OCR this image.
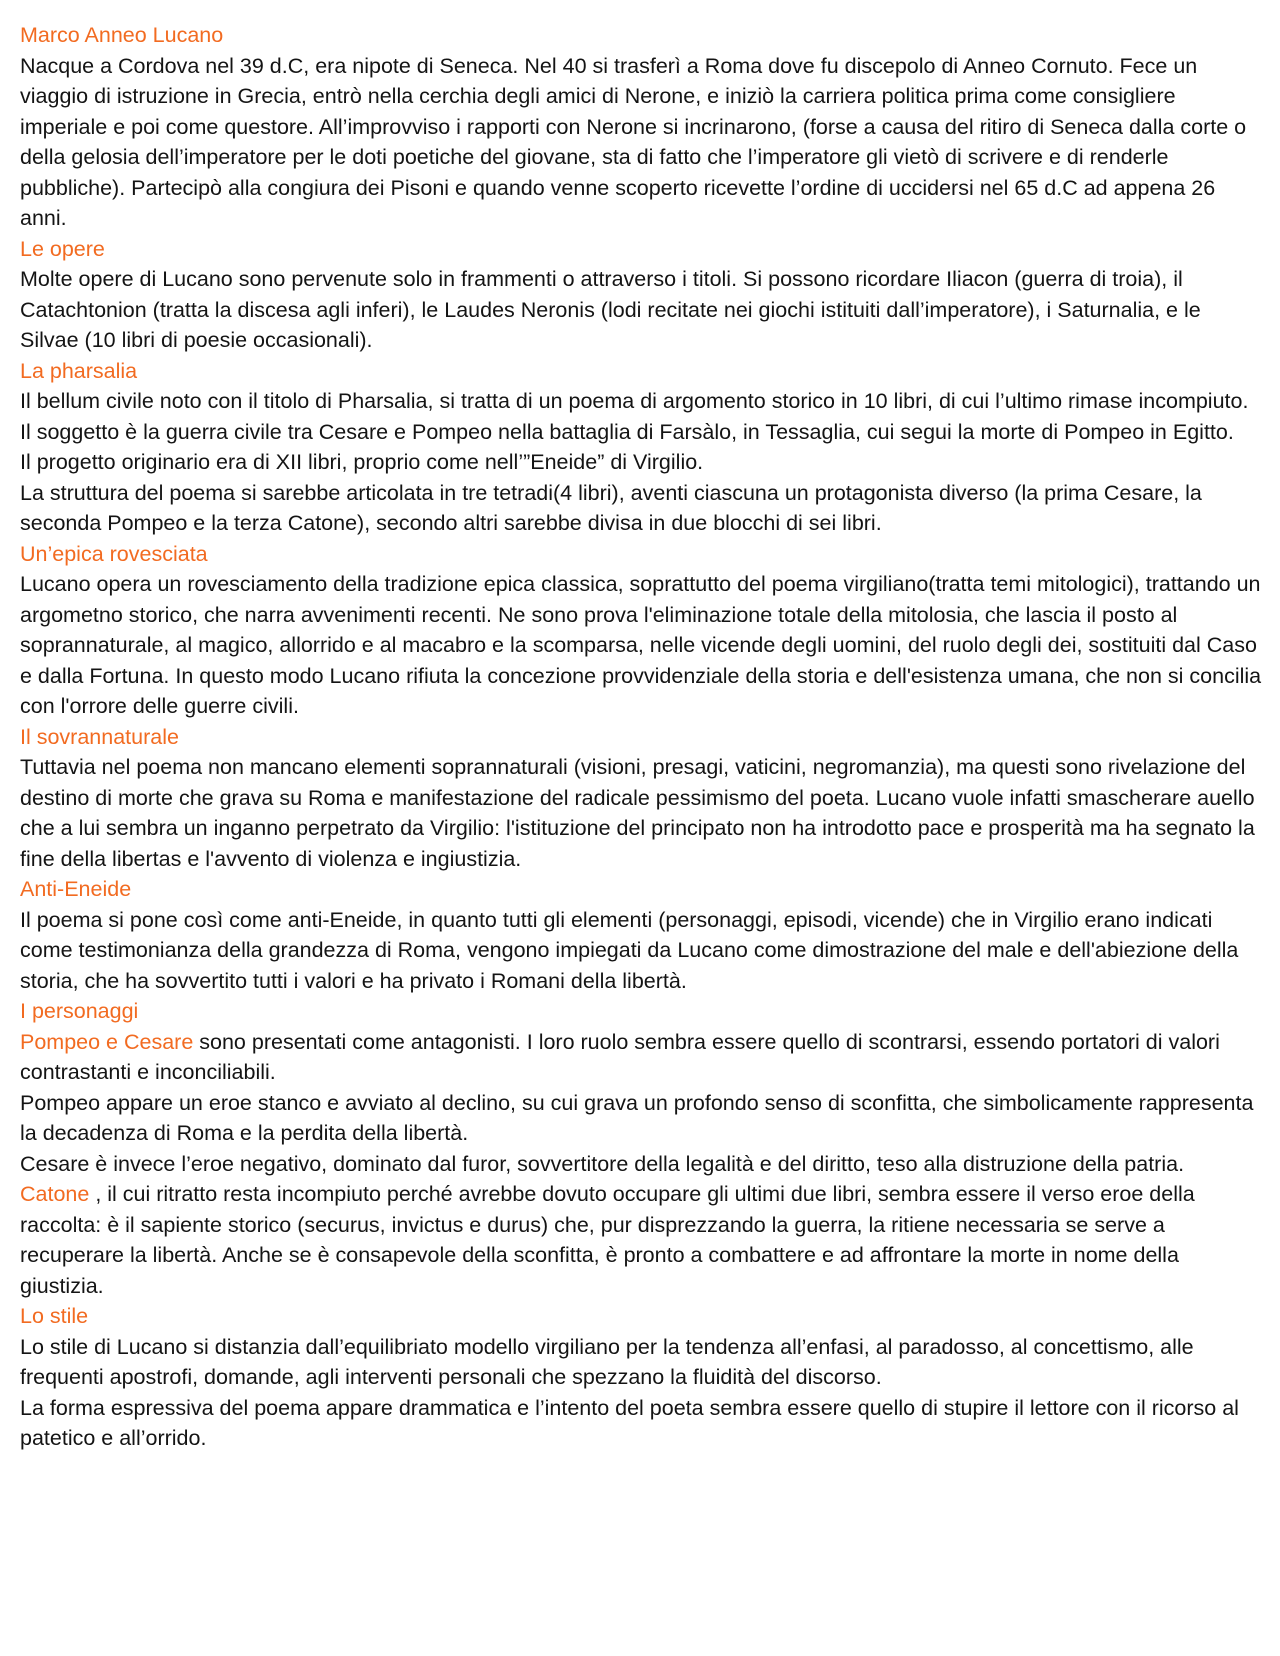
Marco Anneo Lucano

Nacque a Cordova nel 39 d.C, era nipote di Seneca. Nel 40 si trasferì a Roma dove fu discepolo di Anneo Cornuto. Fece un viaggio di istruzione in Grecia, entrò nella cerchia degli amici di Nerone, e iniziò la carriera politica prima come consigliere imperiale e poi come questore. All’improvviso i rapporti con Nerone si incrinarono, (forse a causa del ritiro di Seneca dalla corte o della gelosia dell’imperatore per le doti poetiche del giovane, sta di fatto che l’imperatore gli vietò di scrivere e di renderle pubbliche). Partecipò alla congiura dei Pisoni e quando venne scoperto ricevette l’ordine di uccidersi nel 65 d.C ad appena 26 anni.

Le opere

Molte opere di Lucano sono pervenute solo in frammenti o attraverso i titoli. Si possono ricordare Iliacon (guerra di troia), il Catachtonion (tratta la discesa agli inferi), le Laudes Neronis (lodi recitate nei giochi istituiti dall’imperatore), i Saturnalia, e le Silvae (10 libri di poesie occasionali).

La pharsalia

Il bellum civile noto con il titolo di Pharsalia, si tratta di un poema di argomento storico in 10 libri, di cui l’ultimo rimase incompiuto. Il soggetto è la guerra civile tra Cesare e Pompeo nella battaglia di Farsàlo, in Tessaglia, cui segui la morte di Pompeo in Egitto.

Il progetto originario era di XII libri, proprio come nell’”Eneide” di Virgilio.

La struttura del poema si sarebbe articolata in tre tetradi(4 libri), aventi ciascuna un protagonista diverso (la prima Cesare, la seconda Pompeo e la terza Catone), secondo altri sarebbe divisa in due blocchi di sei libri.

Un’epica rovesciata

Lucano opera un rovesciamento della tradizione epica classica, soprattutto del poema virgiliano(tratta temi mitologici), trattando un argometno storico, che narra avvenimenti recenti. Ne sono prova l'eliminazione totale della mitolosia, che lascia il posto al soprannaturale, al magico, allorrido e al macabro e la scomparsa, nelle vicende degli uomini, del ruolo degli dei, sostituiti dal Caso e dalla Fortuna. In questo modo Lucano rifiuta la concezione provvidenziale della storia e dell'esistenza umana, che non si concilia con l'orrore delle guerre civili.

Il sovrannaturale

Tuttavia nel poema non mancano elementi soprannaturali (visioni, presagi, vaticini, negromanzia), ma questi sono rivelazione del destino di morte che grava su Roma e manifestazione del radicale pessimismo del poeta. Lucano vuole infatti smascherare auello che a lui sembra un inganno perpetrato da Virgilio: l'istituzione del principato non ha introdotto pace e prosperità ma ha segnato la fine della libertas e l'avvento di violenza e ingiustizia.

Anti-Eneide

Il poema si pone così come anti-Eneide, in quanto tutti gli elementi (personaggi, episodi, vicende) che in Virgilio erano indicati come testimonianza della grandezza di Roma, vengono impiegati da Lucano come dimostrazione del male e dell'abiezione della storia, che ha sovvertito tutti i valori e ha privato i Romani della libertà.

I personaggi

Pompeo e Cesare sono presentati come antagonisti. I loro ruolo sembra essere quello di scontrarsi, essendo portatori di valori contrastanti e inconciliabili.

Pompeo appare un eroe stanco e avviato al declino, su cui grava un profondo senso di sconfitta, che simbolicamente rappresenta la decadenza di Roma e la perdita della libertà.

Cesare è invece l’eroe negativo, dominato dal furor, sovvertitore della legalità e del diritto, teso alla distruzione della patria.

Catone , il cui ritratto resta incompiuto perché avrebbe dovuto occupare gli ultimi due libri, sembra essere il verso eroe della raccolta: è il sapiente storico (securus, invictus e durus) che, pur disprezzando la guerra, la ritiene necessaria se serve a recuperare la libertà. Anche se è consapevole della sconfitta, è pronto a combattere e ad affrontare la morte in nome della giustizia.

Lo stile

Lo stile di Lucano si distanzia dall’equilibriato modello virgiliano per la tendenza all’enfasi, al paradosso, al concettismo, alle frequenti apostrofi, domande, agli interventi personali che spezzano la fluidità del discorso.

La forma espressiva del poema appare drammatica e l’intento del poeta sembra essere quello di stupire il lettore con il ricorso al patetico e all’orrido.
